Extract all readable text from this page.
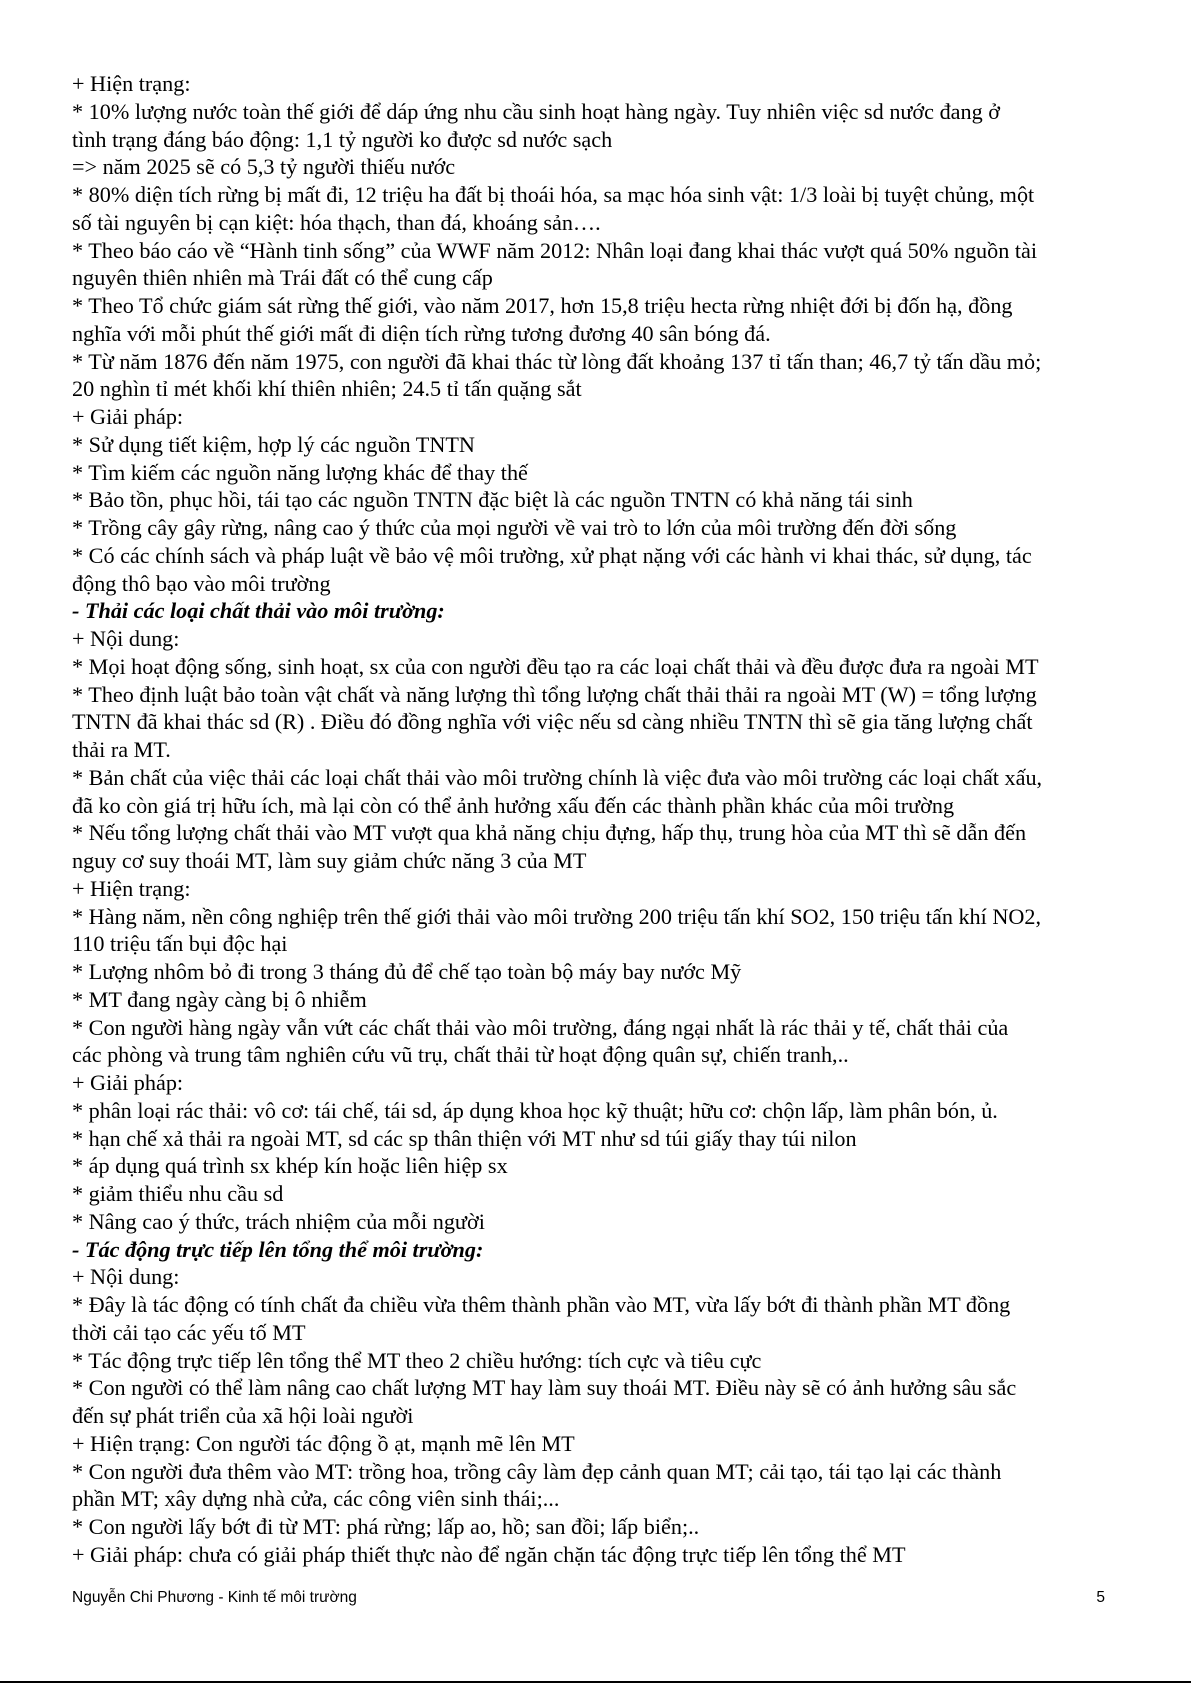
+ Hiện trạng:
* 10% lượng nước toàn thế giới để dáp ứng nhu cầu sinh hoạt hàng ngày. Tuy nhiên việc sd nước đang ở
tình trạng đáng báo động: 1,1 tỷ người ko được sd nước sạch
=> năm 2025 sẽ có 5,3 tỷ người thiếu nước
* 80% diện tích rừng bị mất đi, 12 triệu ha đất bị thoái hóa, sa mạc hóa sinh vật: 1/3 loài bị tuyệt chủng, một
số tài nguyên bị cạn kiệt: hóa thạch, than đá, khoáng sản….
* Theo báo cáo về “Hành tinh sống” của WWF năm 2012: Nhân loại đang khai thác vượt quá 50% nguồn tài
nguyên thiên nhiên mà Trái đất có thể cung cấp
* Theo Tổ chức giám sát rừng thế giới, vào năm 2017, hơn 15,8 triệu hecta rừng nhiệt đới bị đốn hạ, đồng
nghĩa với mỗi phút thế giới mất đi diện tích rừng tương đương 40 sân bóng đá.
* Từ năm 1876 đến năm 1975, con người đã khai thác từ lòng đất khoảng 137 tỉ tấn than; 46,7 tỷ tấn dầu mỏ;
20 nghìn tỉ mét khối khí thiên nhiên; 24.5 tỉ tấn quặng sắt
+ Giải pháp:
* Sử dụng tiết kiệm, hợp lý các nguồn TNTN
* Tìm kiếm các nguồn năng lượng khác để thay thế
* Bảo tồn, phục hồi, tái tạo các nguồn TNTN đặc biệt là các nguồn TNTN có khả năng tái sinh
* Trồng cây gây rừng, nâng cao ý thức của mọi người về vai trò to lớn của môi trường đến đời sống
* Có các chính sách và pháp luật về bảo vệ môi trường, xử phạt nặng với các hành vi khai thác, sử dụng, tác
động thô bạo vào môi trường
- Thải các loại chất thải vào môi trường:
+ Nội dung:
* Mọi hoạt động sống, sinh hoạt, sx của con người đều tạo ra các loại chất thải và đều được đưa ra ngoài MT
* Theo định luật bảo toàn vật chất và năng lượng thì tổng lượng chất thải thải ra ngoài MT (W) = tổng lượng
TNTN đã khai thác sd (R) . Điều đó đồng nghĩa với việc nếu sd càng nhiều TNTN thì sẽ gia tăng lượng chất
thải ra MT.
* Bản chất của việc thải các loại chất thải vào môi trường chính là việc đưa vào môi trường các loại chất xấu,
đã ko còn giá trị hữu ích, mà lại còn có thể ảnh hưởng xấu đến các thành phần khác của môi trường
* Nếu tổng lượng chất thải vào MT vượt qua khả năng chịu đựng, hấp thụ, trung hòa của MT thì sẽ dẫn đến
nguy cơ suy thoái MT, làm suy giảm chức năng 3 của MT
+ Hiện trạng:
* Hàng năm, nền công nghiệp trên thế giới thải vào môi trường 200 triệu tấn khí SO2, 150 triệu tấn khí NO2,
110 triệu tấn bụi độc hại
* Lượng nhôm bỏ đi trong 3 tháng đủ để chế tạo toàn bộ máy bay nước Mỹ
* MT đang ngày càng bị ô nhiễm
* Con người hàng ngày vẫn vứt các chất thải vào môi trường, đáng ngại nhất là rác thải y tế, chất thải của
các phòng và trung tâm nghiên cứu vũ trụ, chất thải từ hoạt động quân sự, chiến tranh,..
+ Giải pháp:
* phân loại rác thải: vô cơ: tái chế, tái sd, áp dụng khoa học kỹ thuật; hữu cơ: chộn lấp, làm phân bón, ủ.
* hạn chế xả thải ra ngoài MT, sd các sp thân thiện với MT như sd túi giấy thay túi nilon
* áp dụng quá trình sx khép kín hoặc liên hiệp sx
* giảm thiểu nhu cầu sd
* Nâng cao ý thức, trách nhiệm của mỗi người
- Tác động trực tiếp lên tổng thể môi trường:
+ Nội dung:
* Đây là tác động có tính chất đa chiều vừa thêm thành phần vào MT, vừa lấy bớt đi thành phần MT đồng
thời cải tạo các yếu tố MT
* Tác động trực tiếp lên tổng thể MT theo 2 chiều hướng: tích cực và tiêu cực
* Con người có thể làm nâng cao chất lượng MT hay làm suy thoái MT. Điều này sẽ có ảnh hưởng sâu sắc
đến sự phát triển của xã hội loài người
+ Hiện trạng: Con người tác động ồ ạt, mạnh mẽ lên MT
* Con người đưa thêm vào MT: trồng hoa, trồng cây làm đẹp cảnh quan MT; cải tạo, tái tạo lại các thành
phần MT; xây dựng nhà cửa, các công viên sinh thái;...
* Con người lấy bớt đi từ MT: phá rừng; lấp ao, hồ; san đồi; lấp biển;..
+ Giải pháp: chưa có giải pháp thiết thực nào để ngăn chặn tác động trực tiếp lên tổng thể MT
Nguyễn Chi Phương - Kinh tế môi trường	5
